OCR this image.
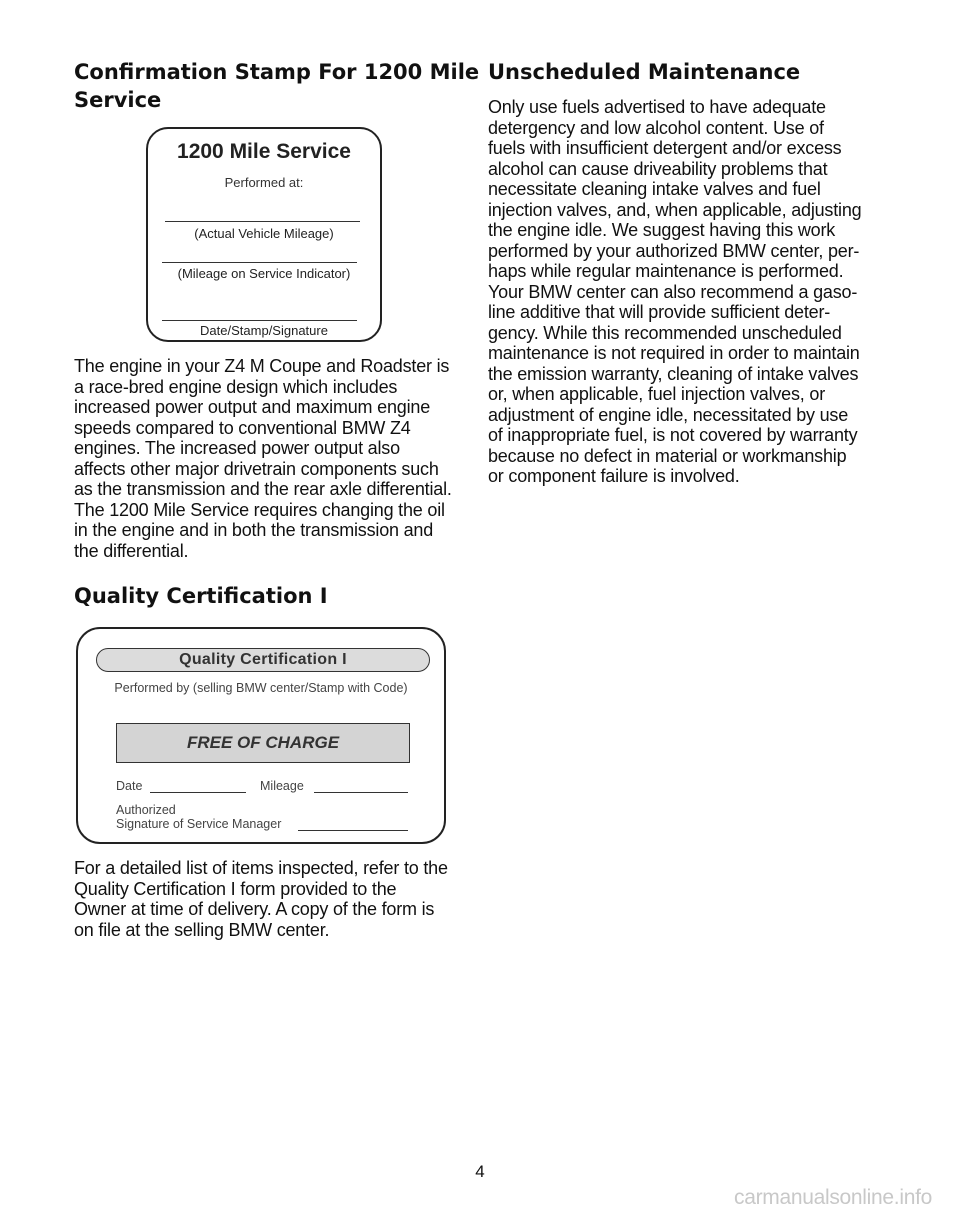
Confirmation Stamp For 1200 Mile
Service
1200 Mile Service
Performed at:
(Actual Vehicle Mileage)
(Mileage on Service Indicator)
Date/Stamp/Signature
The engine in your Z4 M Coupe and Roadster is
a race-bred engine design which includes
increased power output and maximum engine
speeds compared to conventional BMW Z4
engines. The increased power output also
affects other major drivetrain components such
as the transmission and the rear axle differential.
The 1200 Mile Service requires changing the oil
in the engine and in both the transmission and
the differential.
Quality Certification I
Quality Certification I
Performed by (selling BMW center/Stamp with Code)
FREE OF CHARGE
Date	Mileage
Authorized
Signature of Service Manager
For a detailed list of items inspected, refer to the
Quality Certification I form provided to the
Owner at time of delivery. A copy of the form is
on file at the selling BMW center.
Unscheduled Maintenance
Only use fuels advertised to have adequate
detergency and low alcohol content. Use of
fuels with insufficient detergent and/or excess
alcohol can cause driveability problems that
necessitate cleaning intake valves and fuel
injection valves, and, when applicable, adjusting
the engine idle. We suggest having this work
performed by your authorized BMW center, per-
haps while regular maintenance is performed.
Your BMW center can also recommend a gaso-
line additive that will provide sufficient deter-
gency. While this recommended unscheduled
maintenance is not required in order to maintain
the emission warranty, cleaning of intake valves
or, when applicable, fuel injection valves, or
adjustment of engine idle, necessitated by use
of inappropriate fuel, is not covered by warranty
because no defect in material or workmanship
or component failure is involved.
4
carmanualsonline.info
